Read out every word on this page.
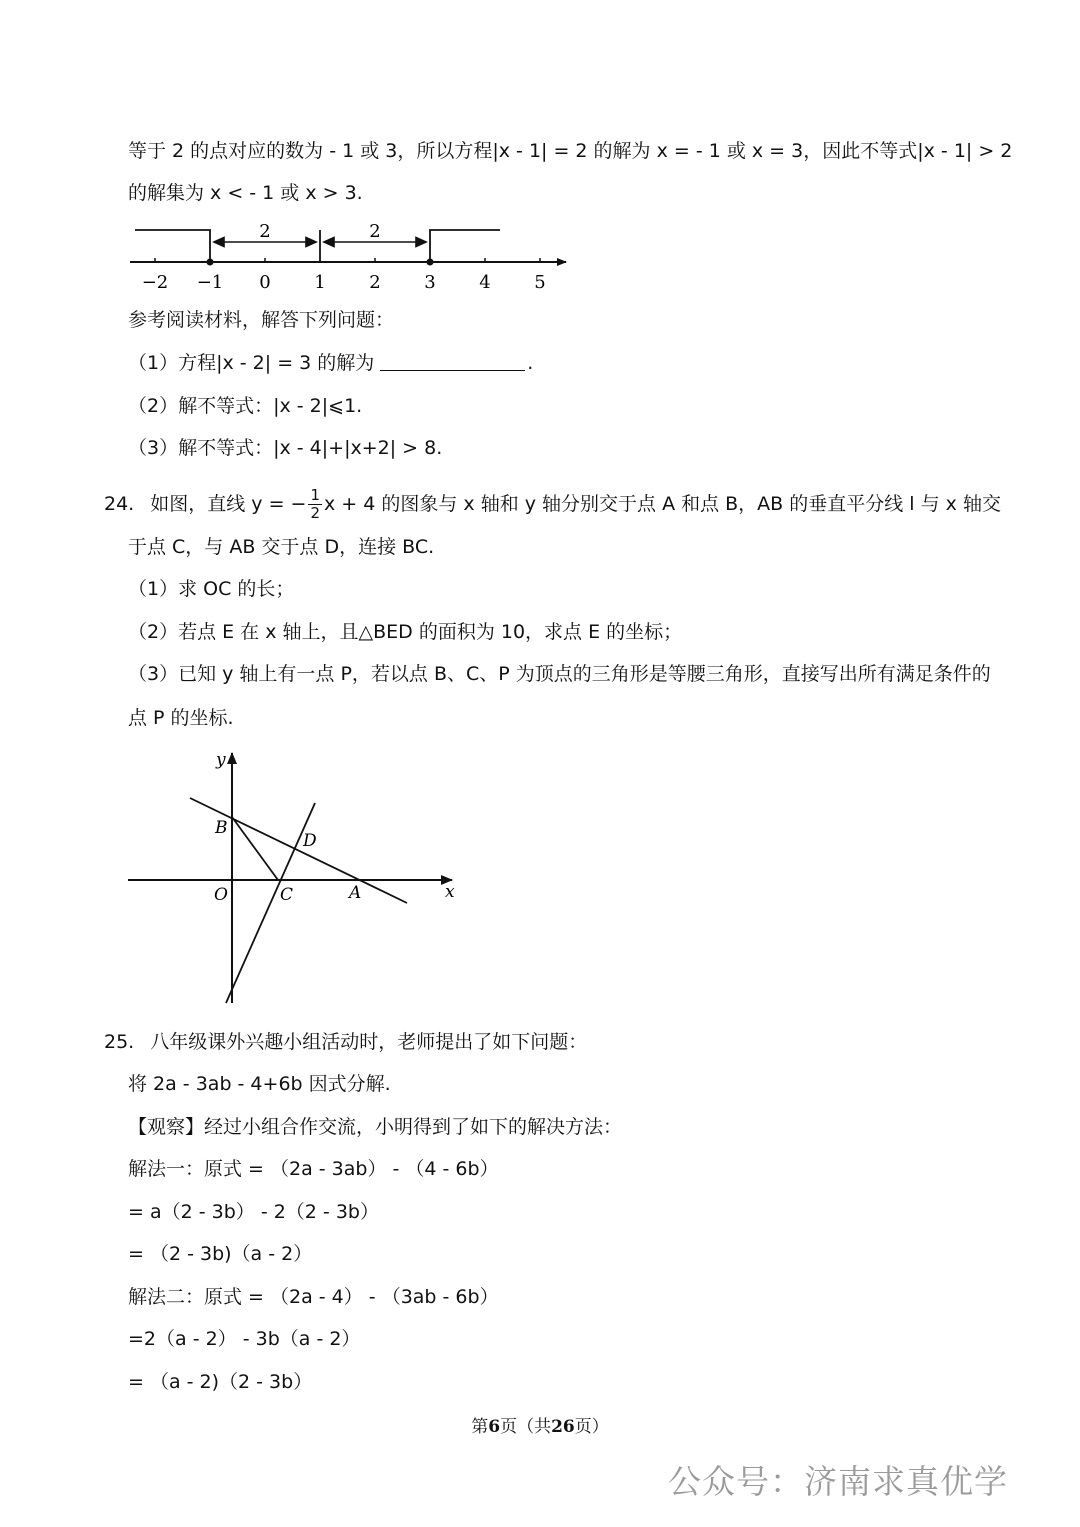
等于 2 的点对应的数为 - 1 或 3，所以方程|x - 1| = 2 的解为 x = - 1 或 x = 3，因此不等式|x - 1| > 2
的解集为 x < - 1 或 x > 3.
2	2
−2 −1 0 1 2 3 4 5
参考阅读材料，解答下列问题：
（1）方程|x - 2| = 3 的解为	.
（2）解不等式：|x - 2|⩽1.
（3）解不等式：|x - 4|+|x+2| > 8.
24. 如图，直线 y = − $\frac{1}{2}$ x + 4 的图象与 x 轴和 y 轴分别交于点 A 和点 B，AB 的垂直平分线 l 与 x 轴交
于点 C，与 AB 交于点 D，连接 BC.
（1）求 OC 的长；
（2）若点 E 在 x 轴上，且△BED 的面积为 10，求点 E 的坐标；
（3）已知 y 轴上有一点 P，若以点 B、C、P 为顶点的三角形是等腰三角形，直接写出所有满足条件的
点 P 的坐标.
y
x
B
D
O	C	A
25. 八年级课外兴趣小组活动时，老师提出了如下问题：
将 2a - 3ab - 4+6b 因式分解.
【观察】经过小组合作交流，小明得到了如下的解决方法：
解法一：原式 = （2a - 3ab） - （4 - 6b）
= a（2 - 3b） - 2（2 - 3b）
= （2 - 3b)（a - 2）
解法二：原式 = （2a - 4） - （3ab - 6b）
=2（a - 2） - 3b（a - 2）
= （a - 2)（2 - 3b）
第6页（共26页）
公众号：济南求真优学
